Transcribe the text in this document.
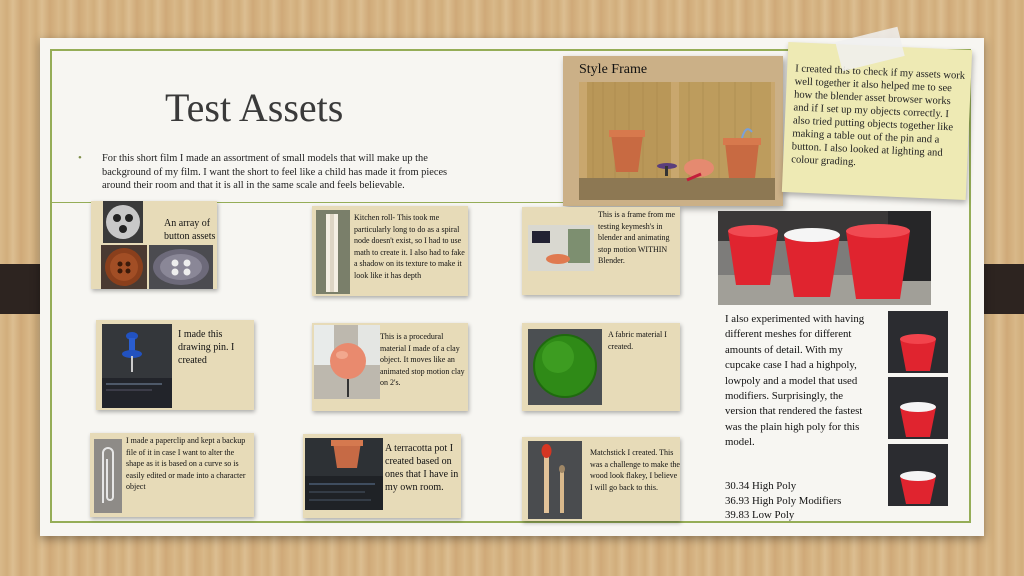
Test Assets
•	For this short film I made an assortment of small models that will make up the background of my film. I want the short to feel like a child has made it from pieces around their room and that it is all in the same scale and feels believable.
Style Frame	I created this to check if my assets work well together it also helped me to see how the blender asset browser works and if I set up my objects correctly. I also tried putting objects together like making a table out of the pin and a button. I also looked at lighting and colour grading.

An array of button assets
Kitchen roll- This took me particularly long to do as a spiral node doesn't exist, so I had to use math to create it. I also had to fake a shadow on its texture to make it look like it has depth
This is a frame from me testing keymesh's in blender and animating stop motion WITHIN Blender.
I made this drawing pin. I created
This is a procedural material I made of a clay object. It moves like an animated stop motion clay on 2's.
A fabric material I created.
I made a paperclip and kept a backup file of it in case I want to alter the shape as it is based on a curve so is easily edited or made into a character object
A terracotta pot I created based on ones that I have in my own room.
Matchstick I created. This was a challenge to make the wood look flakey, I believe I will go back to this.

I also experimented with having different meshes for different amounts of detail. With my cupcake case I had a highpoly, lowpoly and a model that used modifiers. Surprisingly, the version that rendered the fastest was the plain high poly for this model.

30.34 High Poly
36.93 High Poly Modifiers
39.83 Low Poly
